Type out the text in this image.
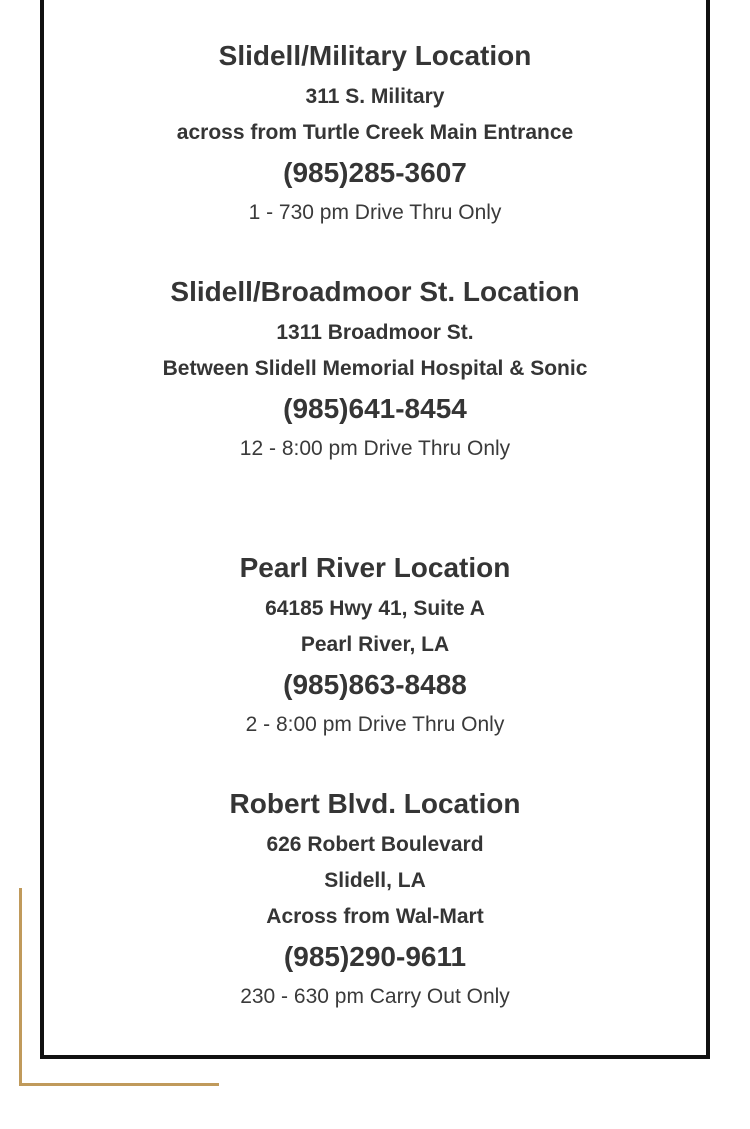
Slidell/Military Location
311 S. Military
across from Turtle Creek Main Entrance
(985)285-3607
1 - 730 pm Drive Thru Only
Slidell/Broadmoor St. Location
1311 Broadmoor St.
Between Slidell Memorial Hospital & Sonic
(985)641-8454
12 - 8:00 pm Drive Thru Only
Pearl River Location
64185 Hwy 41, Suite A
Pearl River, LA
(985)863-8488
2 - 8:00 pm Drive Thru Only
Robert Blvd. Location
626 Robert Boulevard
Slidell, LA
Across from Wal-Mart
(985)290-9611
230 - 630 pm Carry Out Only
